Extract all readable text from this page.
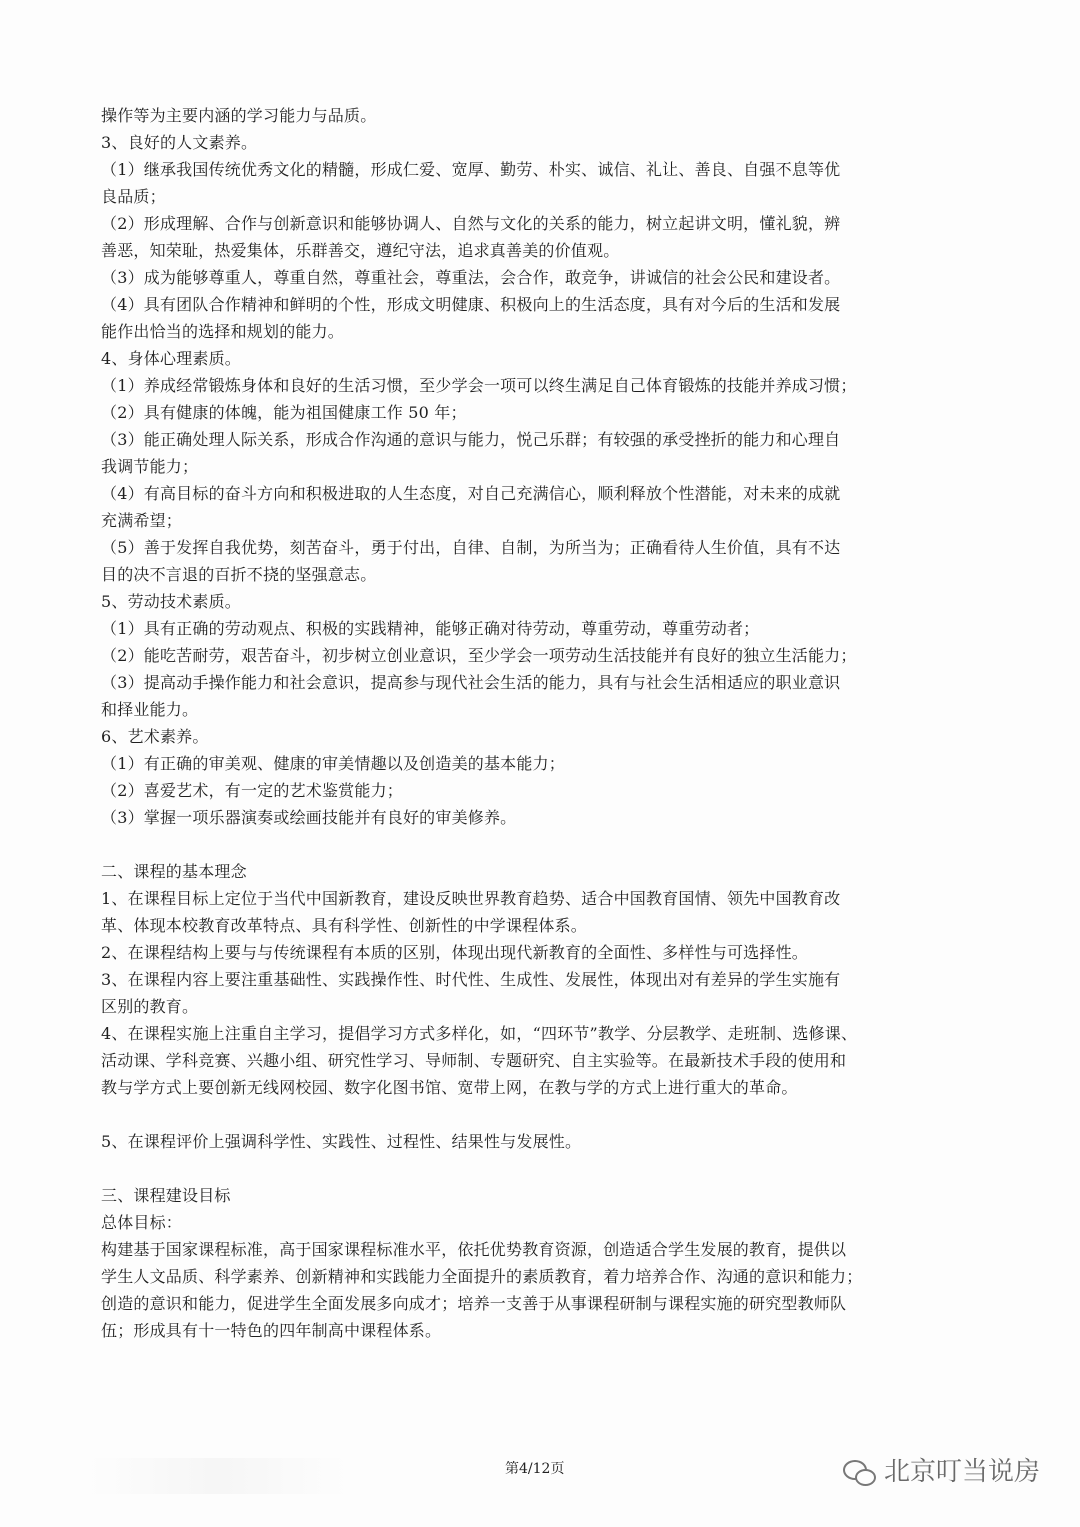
操作等为主要内涵的学习能力与品质。
3、良好的人文素养。
（1）继承我国传统优秀文化的精髓，形成仁爱、宽厚、勤劳、朴实、诚信、礼让、善良、自强不息等优
良品质；
（2）形成理解、合作与创新意识和能够协调人、自然与文化的关系的能力，树立起讲文明，懂礼貌，辨
善恶，知荣耻，热爱集体，乐群善交，遵纪守法，追求真善美的价值观。
（3）成为能够尊重人，尊重自然，尊重社会，尊重法，会合作，敢竞争，讲诚信的社会公民和建设者。
（4）具有团队合作精神和鲜明的个性，形成文明健康、积极向上的生活态度，具有对今后的生活和发展
能作出恰当的选择和规划的能力。
4、身体心理素质。
（1）养成经常锻炼身体和良好的生活习惯，至少学会一项可以终生满足自己体育锻炼的技能并养成习惯；
（2）具有健康的体魄，能为祖国健康工作 50 年；
（3）能正确处理人际关系，形成合作沟通的意识与能力，悦己乐群；有较强的承受挫折的能力和心理自
我调节能力；
（4）有高目标的奋斗方向和积极进取的人生态度，对自己充满信心，顺利释放个性潜能，对未来的成就
充满希望；
（5）善于发挥自我优势，刻苦奋斗，勇于付出，自律、自制，为所当为；正确看待人生价值，具有不达
目的决不言退的百折不挠的坚强意志。
5、劳动技术素质。
（1）具有正确的劳动观点、积极的实践精神，能够正确对待劳动，尊重劳动，尊重劳动者；
（2）能吃苦耐劳，艰苦奋斗，初步树立创业意识，至少学会一项劳动生活技能并有良好的独立生活能力；
（3）提高动手操作能力和社会意识，提高参与现代社会生活的能力，具有与社会生活相适应的职业意识
和择业能力。
6、艺术素养。
（1）有正确的审美观、健康的审美情趣以及创造美的基本能力；
（2）喜爱艺术，有一定的艺术鉴赏能力；
（3）掌握一项乐器演奏或绘画技能并有良好的审美修养。
二、课程的基本理念
1、在课程目标上定位于当代中国新教育，建设反映世界教育趋势、适合中国教育国情、领先中国教育改
革、体现本校教育改革特点、具有科学性、创新性的中学课程体系。
2、在课程结构上要与与传统课程有本质的区别，体现出现代新教育的全面性、多样性与可选择性。
3、在课程内容上要注重基础性、实践操作性、时代性、生成性、发展性，体现出对有差异的学生实施有
区别的教育。
4、在课程实施上注重自主学习，提倡学习方式多样化，如，“四环节”教学、分层教学、走班制、选修课、
活动课、学科竞赛、兴趣小组、研究性学习、导师制、专题研究、自主实验等。在最新技术手段的使用和
教与学方式上要创新无线网校园、数字化图书馆、宽带上网，在教与学的方式上进行重大的革命。
5、在课程评价上强调科学性、实践性、过程性、结果性与发展性。
三、课程建设目标
总体目标：
构建基于国家课程标准，高于国家课程标准水平，依托优势教育资源，创造适合学生发展的教育，提供以
学生人文品质、科学素养、创新精神和实践能力全面提升的素质教育，着力培养合作、沟通的意识和能力；
创造的意识和能力，促进学生全面发展多向成才；培养一支善于从事课程研制与课程实施的研究型教师队
伍；形成具有十一特色的四年制高中课程体系。
第4/12页	北京叮当说房
